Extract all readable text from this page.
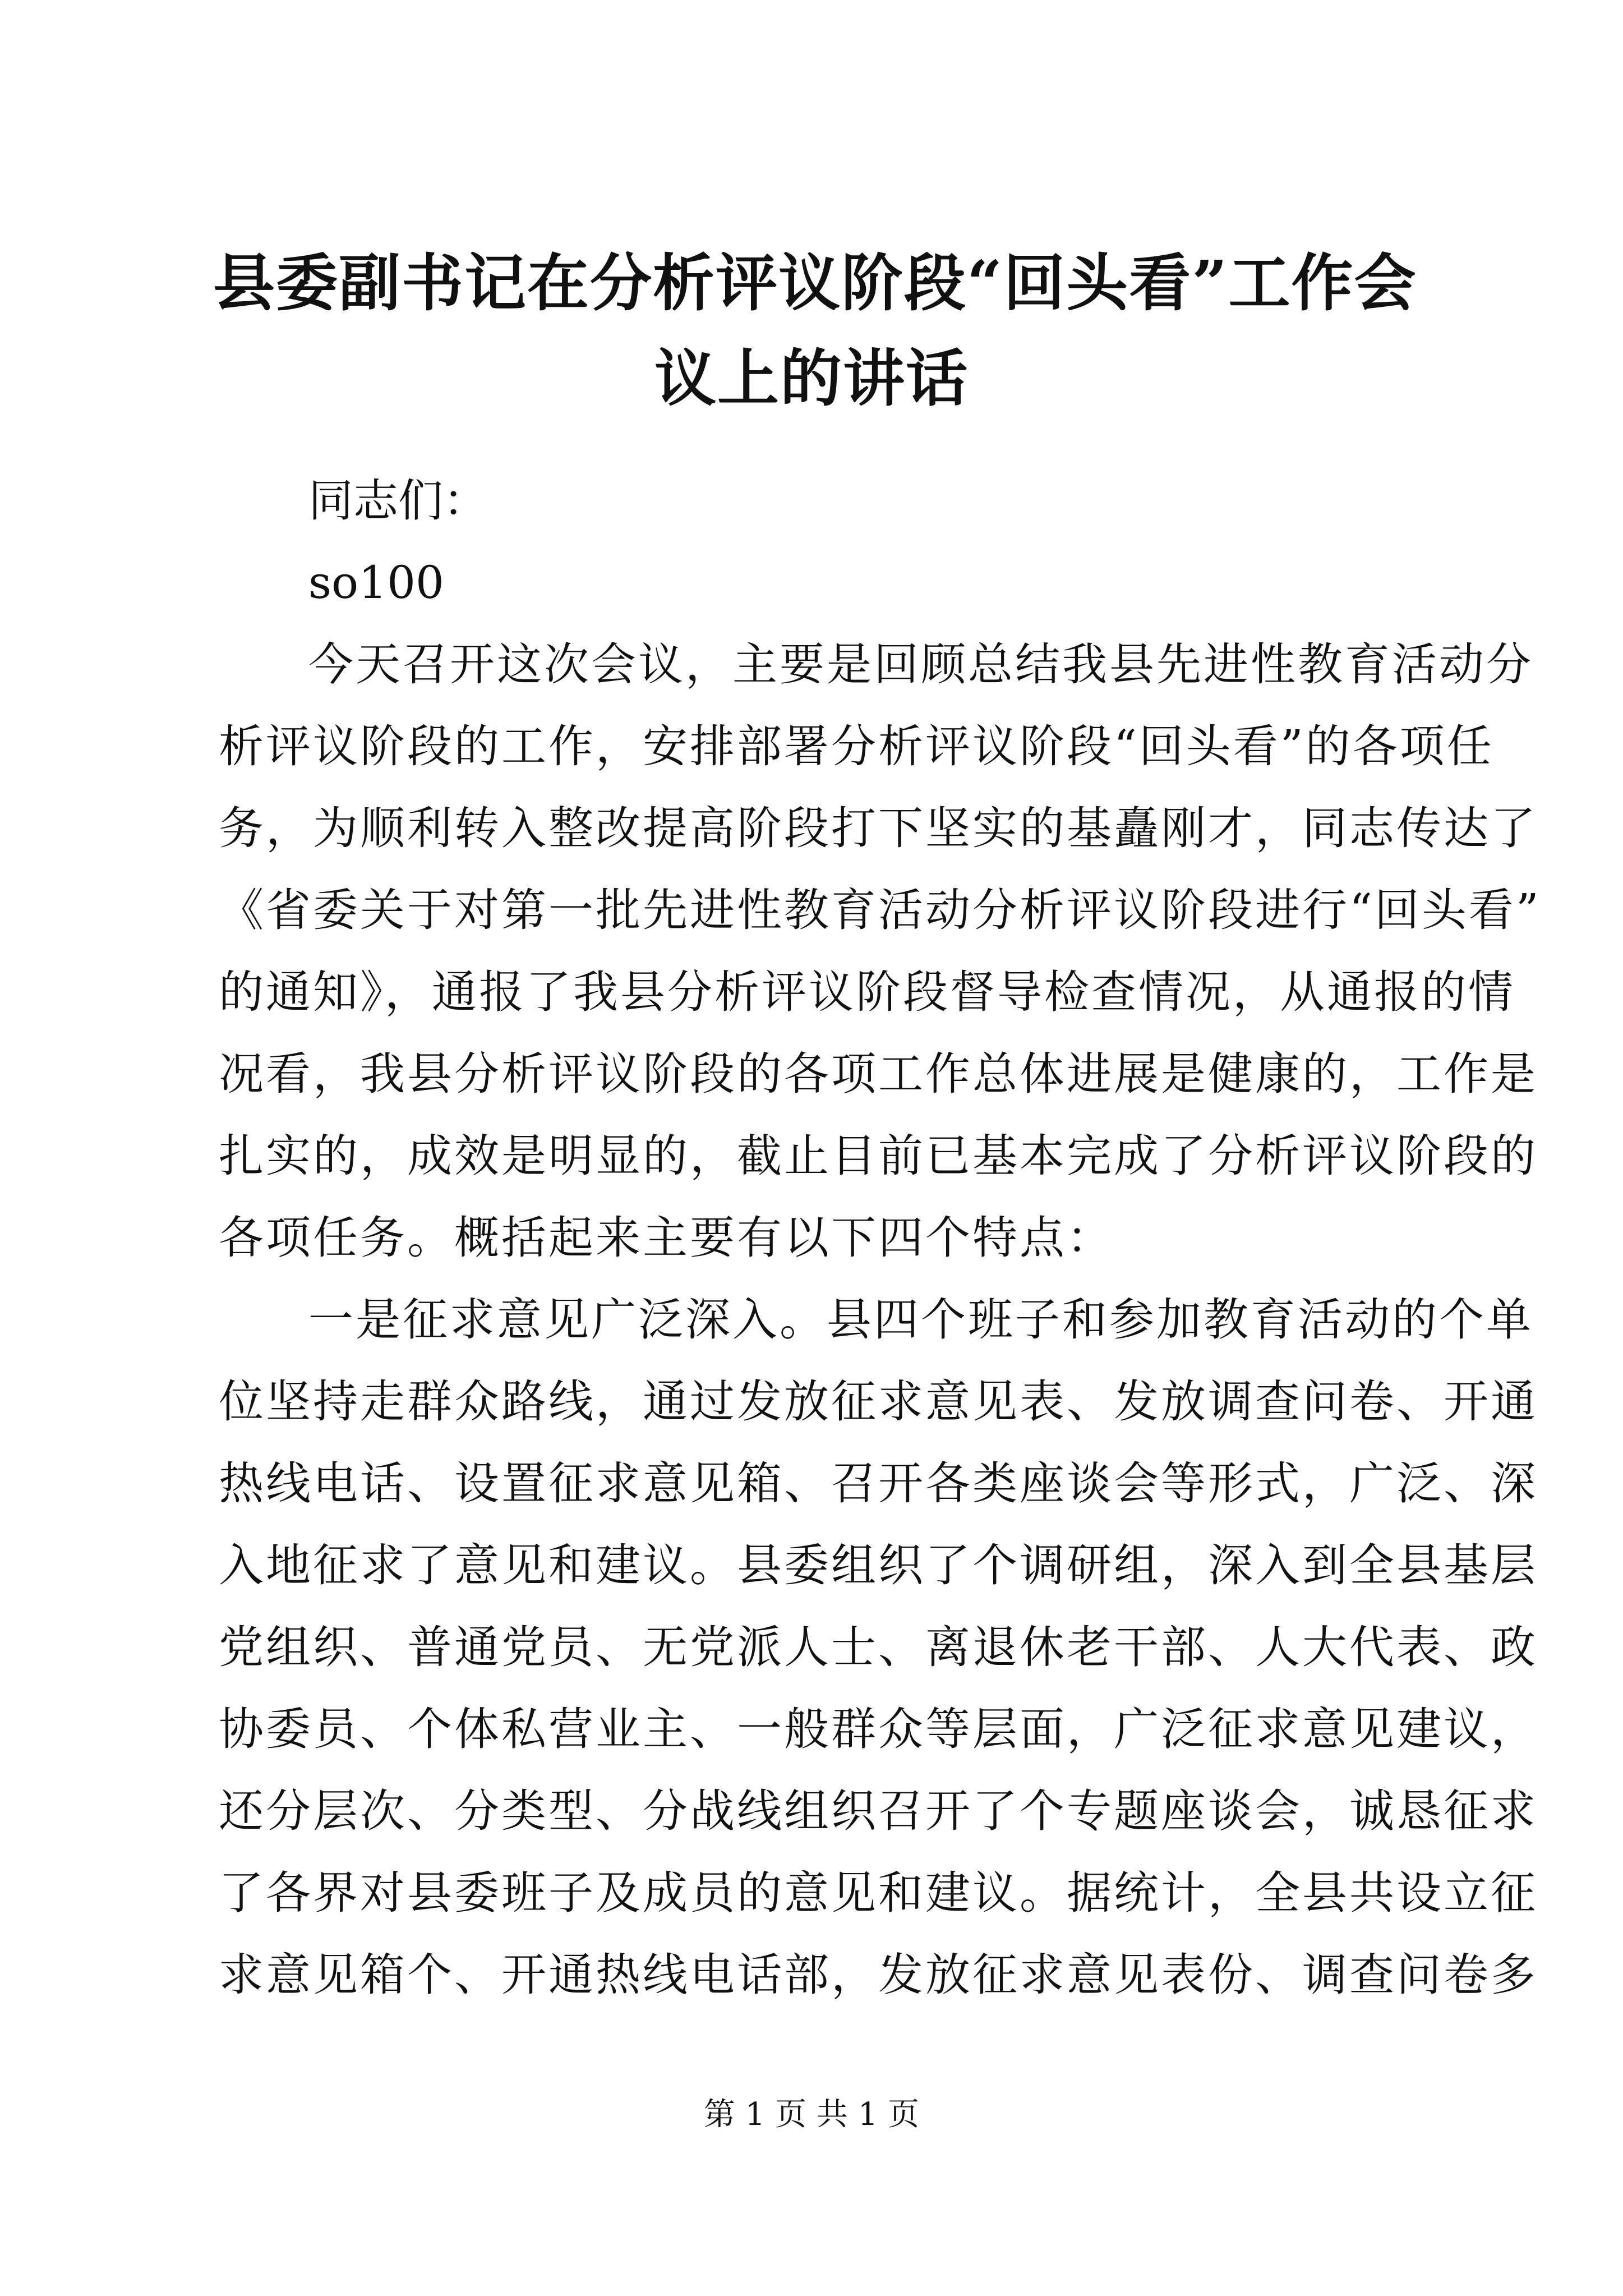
县委副书记在分析评议阶段“回头看”工作会
议上的讲话

同志们：

so100

今天召开这次会议，主要是回顾总结我县先进性教育活动分
析评议阶段的工作，安排部署分析评议阶段“回头看”的各项任
务，为顺利转入整改提高阶段打下坚实的基矗刚才，同志传达了
《省委关于对第一批先进性教育活动分析评议阶段进行“回头看”
的通知》，通报了我县分析评议阶段督导检查情况，从通报的情
况看，我县分析评议阶段的各项工作总体进展是健康的，工作是
扎实的，成效是明显的，截止目前已基本完成了分析评议阶段的
各项任务。概括起来主要有以下四个特点：

一是征求意见广泛深入。县四个班子和参加教育活动的个单
位坚持走群众路线，通过发放征求意见表、发放调查问卷、开通
热线电话、设置征求意见箱、召开各类座谈会等形式，广泛、深
入地征求了意见和建议。县委组织了个调研组，深入到全县基层
党组织、普通党员、无党派人士、离退休老干部、人大代表、政
协委员、个体私营业主、一般群众等层面，广泛征求意见建议，
还分层次、分类型、分战线组织召开了个专题座谈会，诚恳征求
了各界对县委班子及成员的意见和建议。据统计，全县共设立征
求意见箱个、开通热线电话部，发放征求意见表份、调查问卷多

第 1 页 共 1 页
